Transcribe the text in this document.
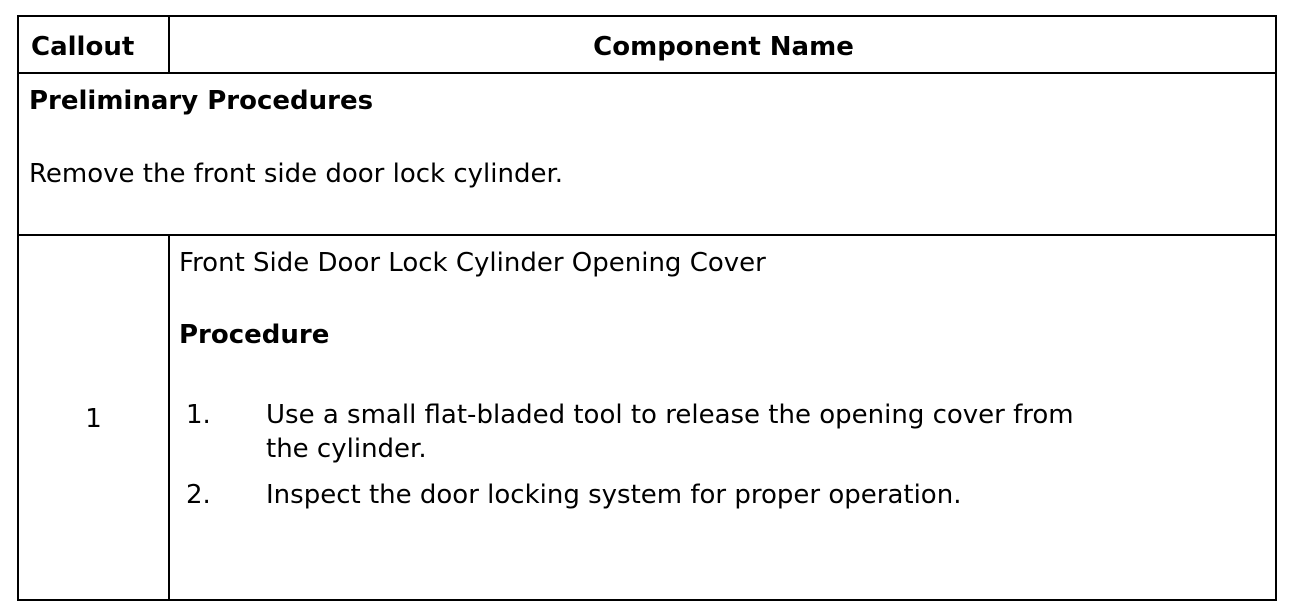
Callout	Component Name
Preliminary Procedures
Remove the front side door lock cylinder.
1
Front Side Door Lock Cylinder Opening Cover
Procedure
1. Use a small flat-bladed tool to release the opening cover from the cylinder.
2. Inspect the door locking system for proper operation.
